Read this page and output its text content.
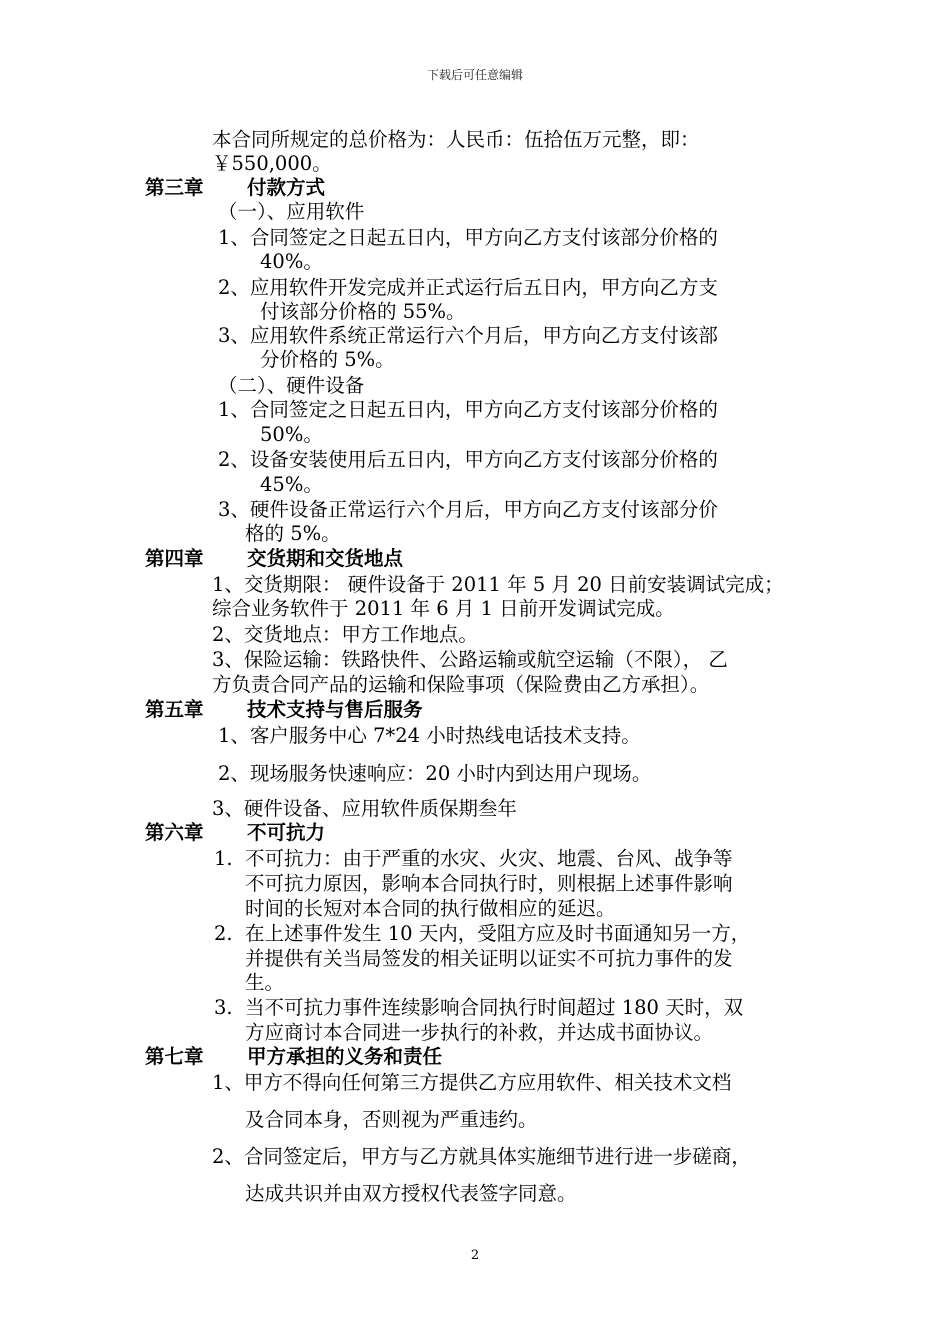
下载后可任意编辑
本合同所规定的总价格为：人民币：伍拾伍万元整，即：
￥550,000。
第三章 付款方式
（一）、应用软件
1、合同签定之日起五日内，甲方向乙方支付该部分价格的
40%。
2、应用软件开发完成并正式运行后五日内，甲方向乙方支
付该部分价格的 55%。
3、应用软件系统正常运行六个月后，甲方向乙方支付该部
分价格的 5%。
（二）、硬件设备
1、合同签定之日起五日内，甲方向乙方支付该部分价格的
50%。
2、设备安装使用后五日内，甲方向乙方支付该部分价格的
45%。
3、硬件设备正常运行六个月后，甲方向乙方支付该部分价
格的 5%。
第四章 交货期和交货地点
1、交货期限： 硬件设备于 2011 年 5 月 20 日前安装调试完成；
综合业务软件于 2011 年 6 月 1 日前开发调试完成。
2、交货地点：甲方工作地点。
3、保险运输：铁路快件、公路运输或航空运输（不限）， 乙
方负责合同产品的运输和保险事项（保险费由乙方承担）。
第五章 技术支持与售后服务
1、客户服务中心 7*24 小时热线电话技术支持。
2、现场服务快速响应：20 小时内到达用户现场。
3、硬件设备、应用软件质保期叁年
第六章 不可抗力
1. 不可抗力：由于严重的水灾、火灾、地震、台风、战争等
不可抗力原因，影响本合同执行时，则根据上述事件影响
时间的长短对本合同的执行做相应的延迟。
2. 在上述事件发生 10 天内，受阻方应及时书面通知另一方，
并提供有关当局签发的相关证明以证实不可抗力事件的发
生。
3. 当不可抗力事件连续影响合同执行时间超过 180 天时，双
方应商讨本合同进一步执行的补救，并达成书面协议。
第七章 甲方承担的义务和责任
1、甲方不得向任何第三方提供乙方应用软件、相关技术文档
及合同本身，否则视为严重违约。
2、合同签定后，甲方与乙方就具体实施细节进行进一步磋商，
达成共识并由双方授权代表签字同意。
2
